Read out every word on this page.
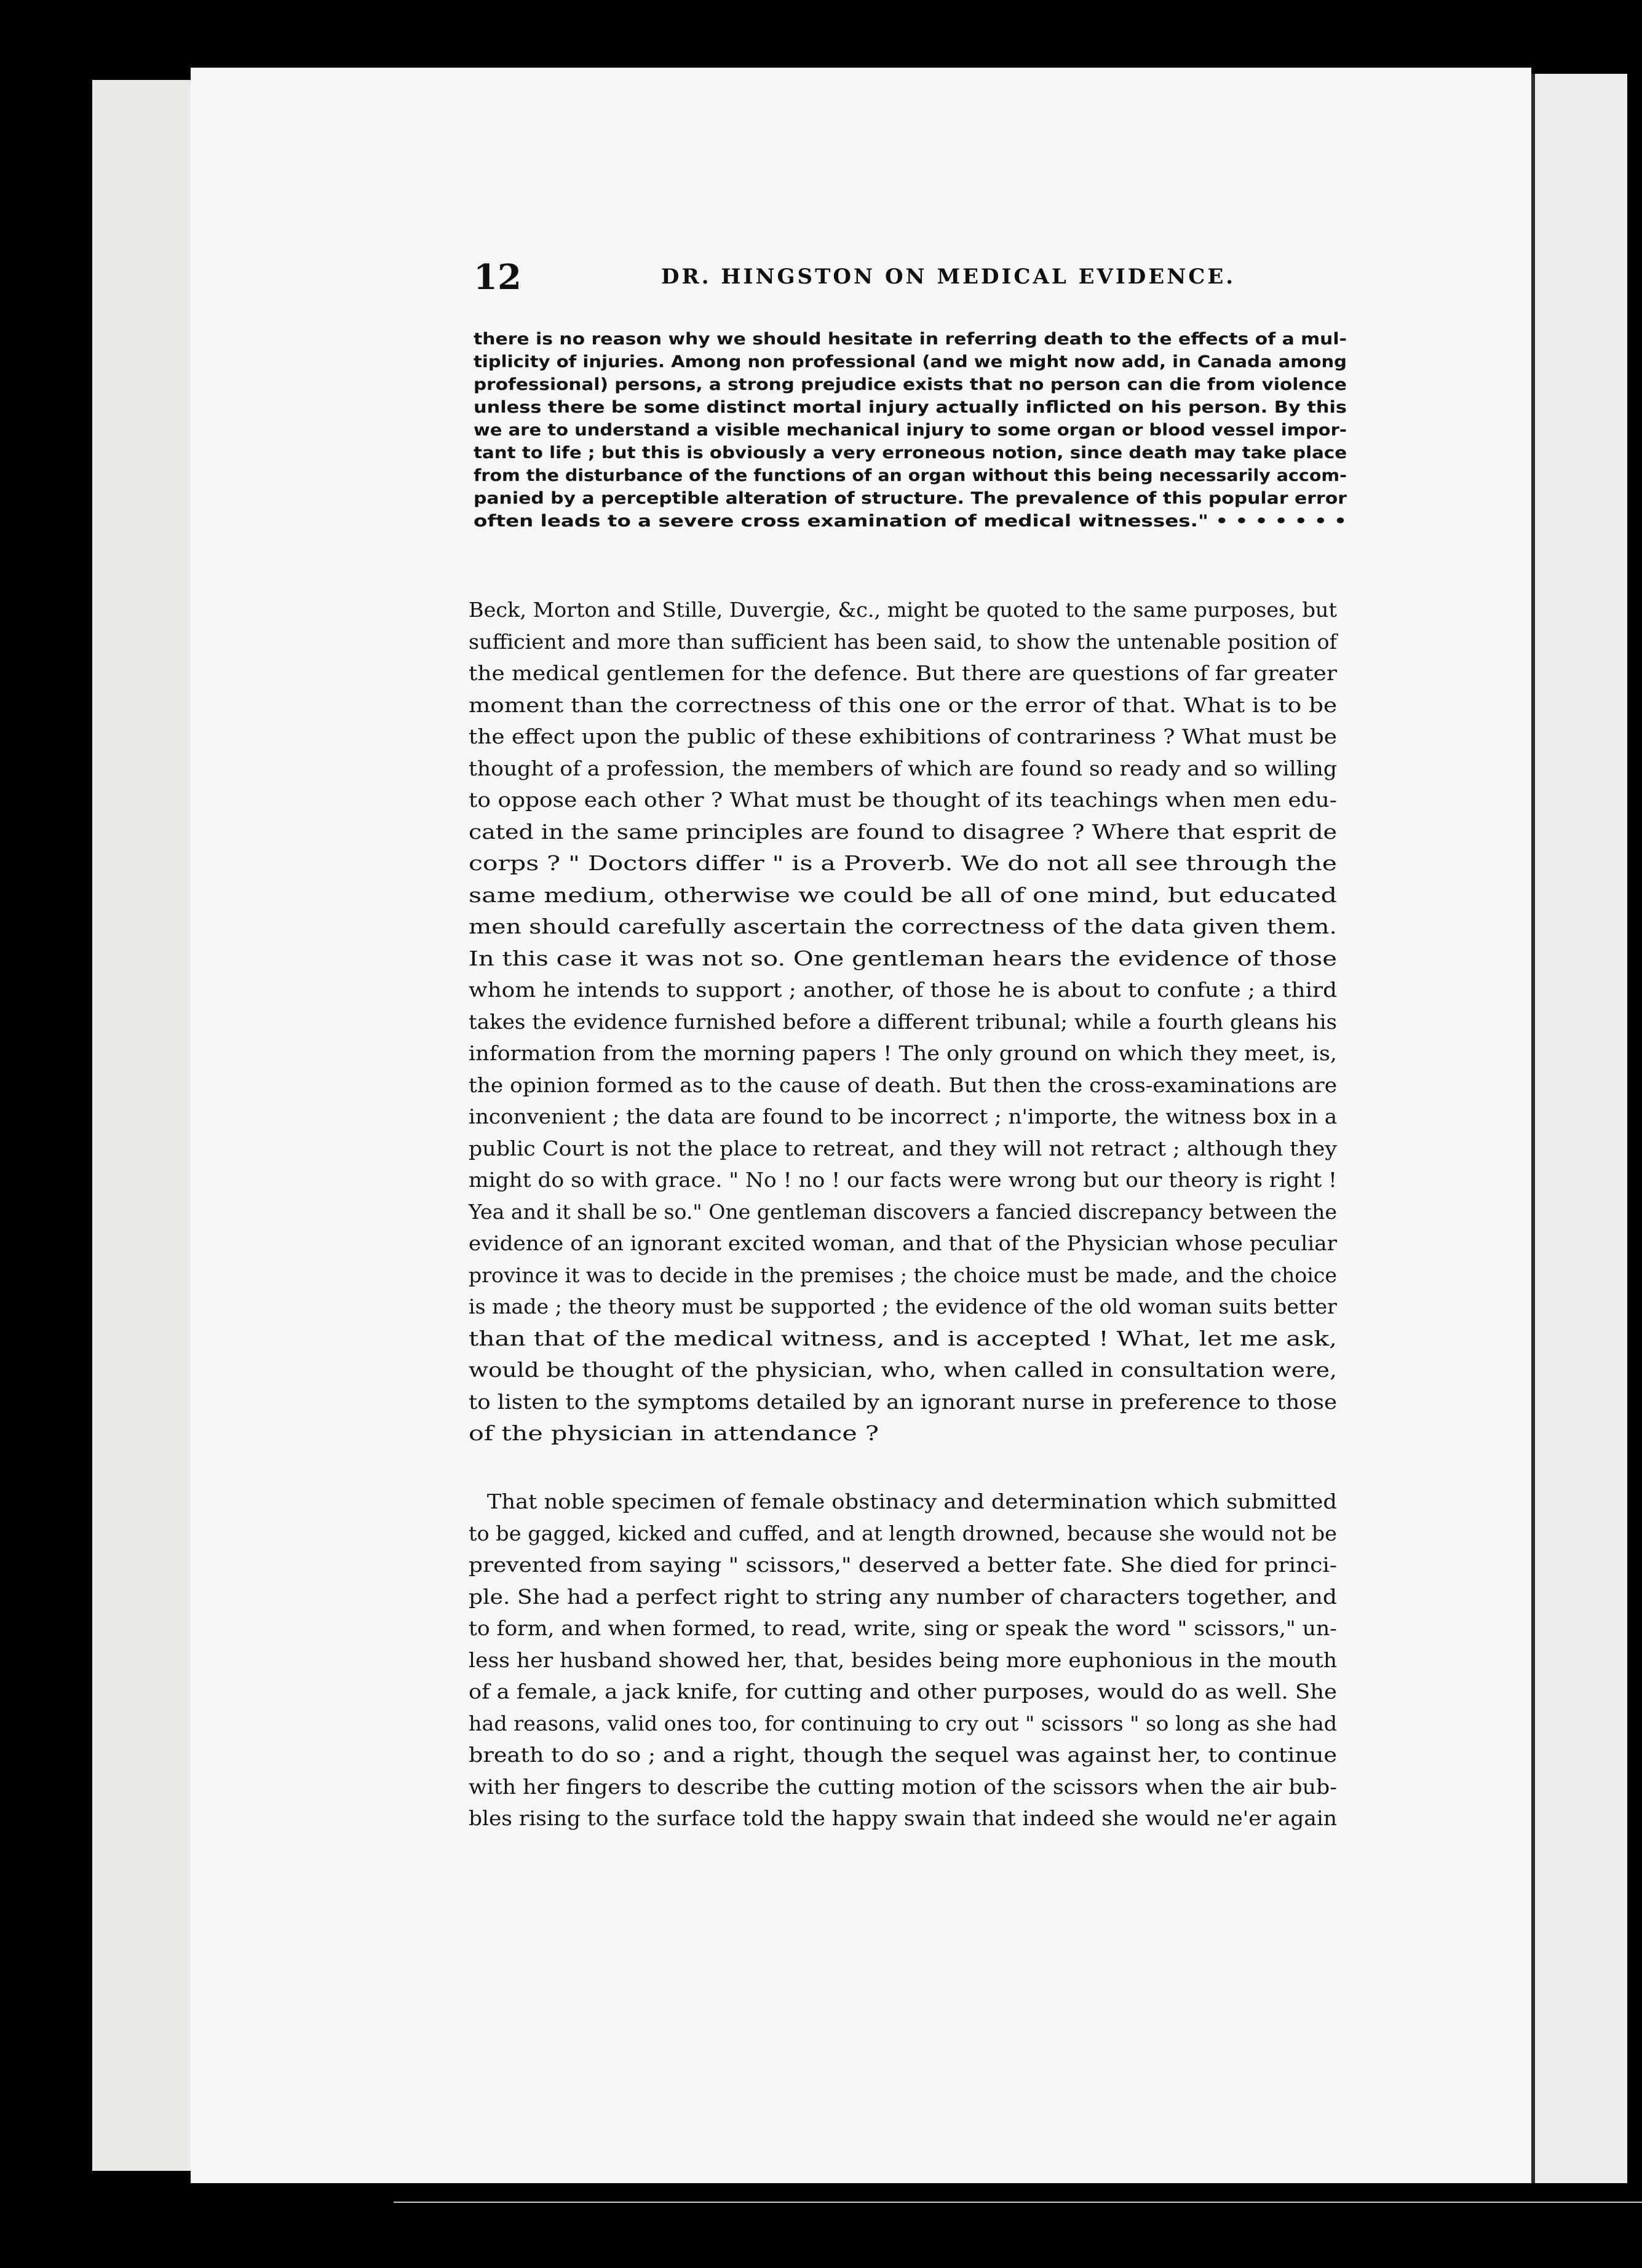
12	DR. HINGSTON ON MEDICAL EVIDENCE.
there is no reason why we should hesitate in referring death to the effects of a mul-
tiplicity of injuries. Among non professional (and we might now add, in Canada among
professional) persons, a strong prejudice exists that no person can die from violence
unless there be some distinct mortal injury actually inflicted on his person. By this
we are to understand a visible mechanical injury to some organ or blood vessel impor-
tant to life ; but this is obviously a very erroneous notion, since death may take place
from the disturbance of the functions of an organ without this being necessarily accom-
panied by a perceptible alteration of structure. The prevalence of this popular error
often leads to a severe cross examination of medical witnesses." • • • • • • •
Beck, Morton and Stille, Duvergie, &c., might be quoted to the same purposes, but
sufficient and more than sufficient has been said, to show the untenable position of
the medical gentlemen for the defence. But there are questions of far greater
moment than the correctness of this one or the error of that. What is to be
the effect upon the public of these exhibitions of contrariness ? What must be
thought of a profession, the members of which are found so ready and so willing
to oppose each other ? What must be thought of its teachings when men edu-
cated in the same principles are found to disagree ? Where that esprit de
corps ? " Doctors differ " is a Proverb. We do not all see through the
same medium, otherwise we could be all of one mind, but educated
men should carefully ascertain the correctness of the data given them.
In this case it was not so. One gentleman hears the evidence of those
whom he intends to support ; another, of those he is about to confute ; a third
takes the evidence furnished before a different tribunal; while a fourth gleans his
information from the morning papers ! The only ground on which they meet, is,
the opinion formed as to the cause of death. But then the cross-examinations are
inconvenient ; the data are found to be incorrect ; n'importe, the witness box in a
public Court is not the place to retreat, and they will not retract ; although they
might do so with grace. " No ! no ! our facts were wrong but our theory is right !
Yea and it shall be so." One gentleman discovers a fancied discrepancy between the
evidence of an ignorant excited woman, and that of the Physician whose peculiar
province it was to decide in the premises ; the choice must be made, and the choice
is made ; the theory must be supported ; the evidence of the old woman suits better
than that of the medical witness, and is accepted ! What, let me ask,
would be thought of the physician, who, when called in consultation were,
to listen to the symptoms detailed by an ignorant nurse in preference to those
of the physician in attendance ?
That noble specimen of female obstinacy and determination which submitted
to be gagged, kicked and cuffed, and at length drowned, because she would not be
prevented from saying " scissors," deserved a better fate. She died for princi-
ple. She had a perfect right to string any number of characters together, and
to form, and when formed, to read, write, sing or speak the word " scissors," un-
less her husband showed her, that, besides being more euphonious in the mouth
of a female, a jack knife, for cutting and other purposes, would do as well. She
had reasons, valid ones too, for continuing to cry out " scissors " so long as she had
breath to do so ; and a right, though the sequel was against her, to continue
with her fingers to describe the cutting motion of the scissors when the air bub-
bles rising to the surface told the happy swain that indeed she would ne'er again
